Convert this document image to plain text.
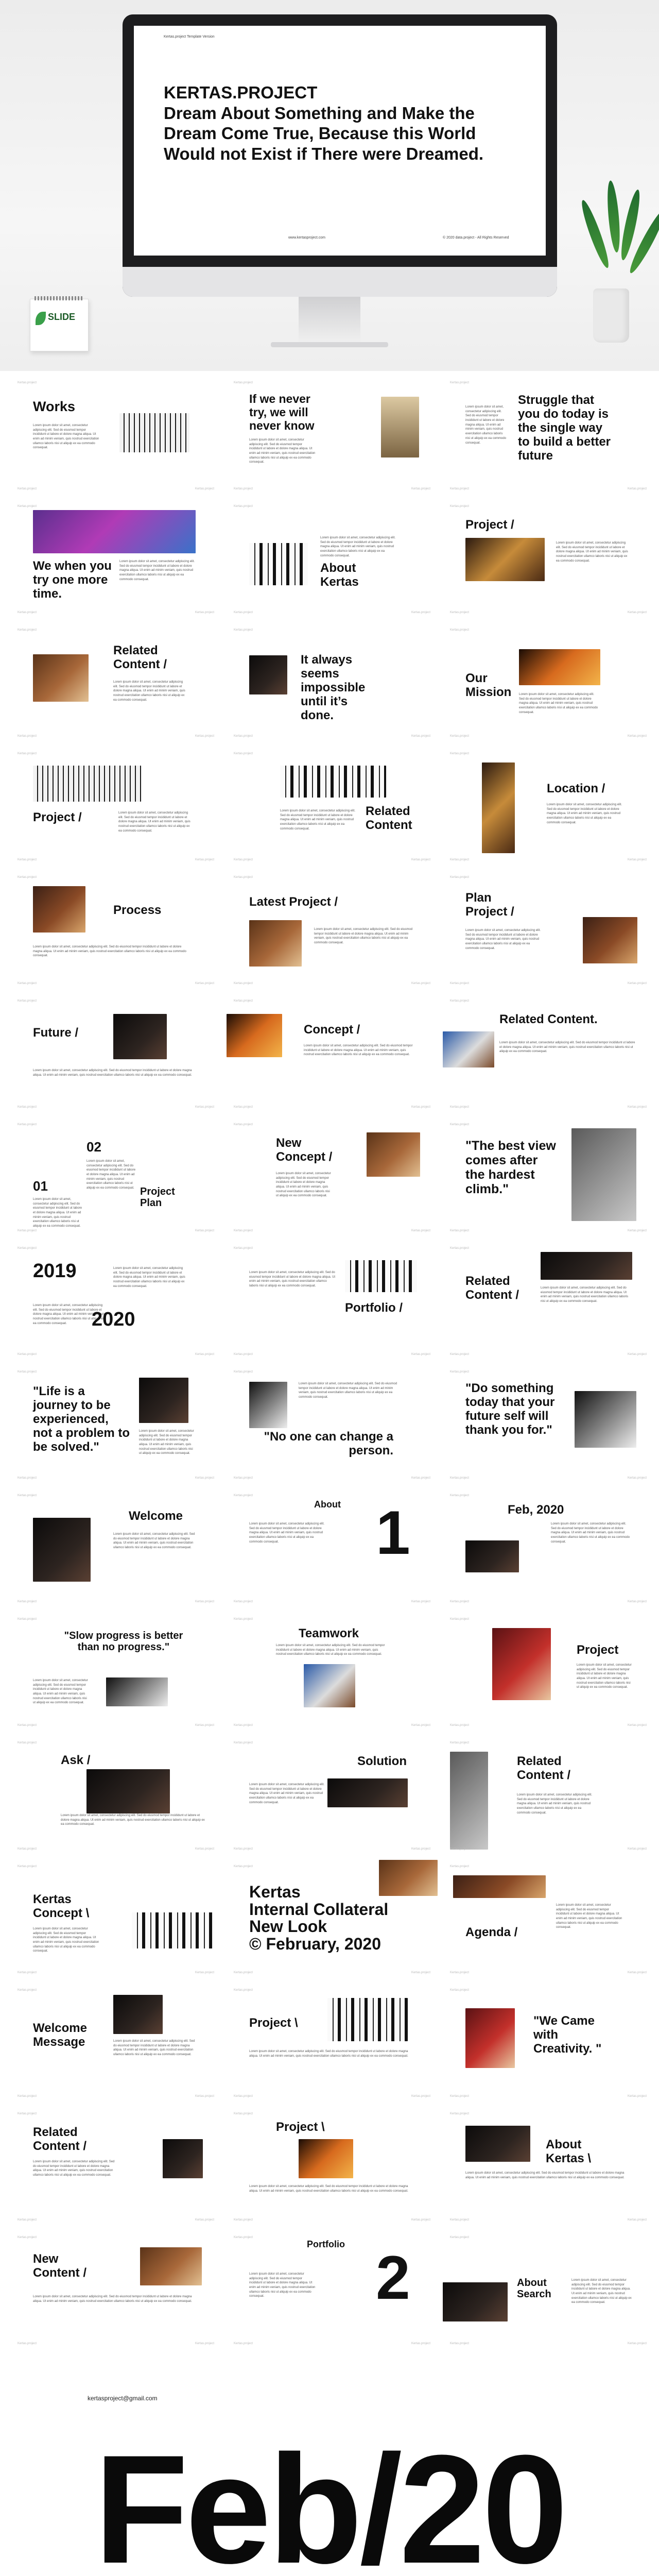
Kertas.project Template Version
KERTAS.PROJECT
Dream About Something and Make the Dream Come True, Because this World Would not Exist if There were Dreamed.
www.kertasproject.com	© 2020 data.project - All Rights Reserved
SLIDE
Works
Lorem ipsum dolor sit amet, consectetur adipiscing elit. Sed do eiusmod tempor incididunt ut labore et dolore magna aliqua. Ut enim ad minim veniam, quis nostrud exercitation ullamco laboris nisi ut aliquip ex ea commodo consequat.
Kertas.project
Kertas.project	Kertas.project
If we never try, we will never know
Lorem ipsum dolor sit amet, consectetur adipiscing elit. Sed do eiusmod tempor incididunt ut labore et dolore magna aliqua. Ut enim ad minim veniam, quis nostrud exercitation ullamco laboris nisi ut aliquip ex ea commodo consequat.
Kertas.project
Kertas.project	Kertas.project
Lorem ipsum dolor sit amet, consectetur adipiscing elit. Sed do eiusmod tempor incididunt ut labore et dolore magna aliqua. Ut enim ad minim veniam, quis nostrud exercitation ullamco laboris nisi ut aliquip ex ea commodo consequat.
Struggle that you do today is the single way to build a better future
Kertas.project
Kertas.project	Kertas.project
We when you try one more time.
Lorem ipsum dolor sit amet, consectetur adipiscing elit. Sed do eiusmod tempor incididunt ut labore et dolore magna aliqua. Ut enim ad minim veniam, quis nostrud exercitation ullamco laboris nisi ut aliquip ex ea commodo consequat.
Kertas.project
Kertas.project	Kertas.project
Lorem ipsum dolor sit amet, consectetur adipiscing elit. Sed do eiusmod tempor incididunt ut labore et dolore magna aliqua. Ut enim ad minim veniam, quis nostrud exercitation ullamco laboris nisi ut aliquip ex ea commodo consequat.
About Kertas
Kertas.project
Kertas.project	Kertas.project
Project /
Lorem ipsum dolor sit amet, consectetur adipiscing elit. Sed do eiusmod tempor incididunt ut labore et dolore magna aliqua. Ut enim ad minim veniam, quis nostrud exercitation ullamco laboris nisi ut aliquip ex ea commodo consequat.
Kertas.project
Kertas.project	Kertas.project
Related Content /
Lorem ipsum dolor sit amet, consectetur adipiscing elit. Sed do eiusmod tempor incididunt ut labore et dolore magna aliqua. Ut enim ad minim veniam, quis nostrud exercitation ullamco laboris nisi ut aliquip ex ea commodo consequat.
Kertas.project
Kertas.project	Kertas.project
It always seems impossible until it’s done.
Kertas.project
Kertas.project	Kertas.project
Our Mission	Lorem ipsum dolor sit amet, consectetur adipiscing elit. Sed do eiusmod tempor incididunt ut labore et dolore magna aliqua. Ut enim ad minim veniam, quis nostrud exercitation ullamco laboris nisi ut aliquip ex ea commodo consequat.
Kertas.project
Kertas.project	Kertas.project
Project /	Lorem ipsum dolor sit amet, consectetur adipiscing elit. Sed do eiusmod tempor incididunt ut labore et dolore magna aliqua. Ut enim ad minim veniam, quis nostrud exercitation ullamco laboris nisi ut aliquip ex ea commodo consequat.
Kertas.project
Kertas.project	Kertas.project
Lorem ipsum dolor sit amet, consectetur adipiscing elit. Sed do eiusmod tempor incididunt ut labore et dolore magna aliqua. Ut enim ad minim veniam, quis nostrud exercitation ullamco laboris nisi ut aliquip ex ea commodo consequat.
Related Content
Kertas.project
Kertas.project	Kertas.project
Location /
Lorem ipsum dolor sit amet, consectetur adipiscing elit. Sed do eiusmod tempor incididunt ut labore et dolore magna aliqua. Ut enim ad minim veniam, quis nostrud exercitation ullamco laboris nisi ut aliquip ex ea commodo consequat.
Kertas.project
Kertas.project	Kertas.project
Process
Lorem ipsum dolor sit amet, consectetur adipiscing elit. Sed do eiusmod tempor incididunt ut labore et dolore magna aliqua. Ut enim ad minim veniam, quis nostrud exercitation ullamco laboris nisi ut aliquip ex ea commodo consequat.
Kertas.project
Kertas.project	Kertas.project
Latest Project /
Lorem ipsum dolor sit amet, consectetur adipiscing elit. Sed do eiusmod tempor incididunt ut labore et dolore magna aliqua. Ut enim ad minim veniam, quis nostrud exercitation ullamco laboris nisi ut aliquip ex ea commodo consequat.
Kertas.project
Kertas.project	Kertas.project
Plan Project /
Lorem ipsum dolor sit amet, consectetur adipiscing elit. Sed do eiusmod tempor incididunt ut labore et dolore magna aliqua. Ut enim ad minim veniam, quis nostrud exercitation ullamco laboris nisi ut aliquip ex ea commodo consequat.
Kertas.project
Kertas.project	Kertas.project
Future /
Lorem ipsum dolor sit amet, consectetur adipiscing elit. Sed do eiusmod tempor incididunt ut labore et dolore magna aliqua. Ut enim ad minim veniam, quis nostrud exercitation ullamco laboris nisi ut aliquip ex ea commodo consequat.
Kertas.project
Kertas.project	Kertas.project
Concept /
Lorem ipsum dolor sit amet, consectetur adipiscing elit. Sed do eiusmod tempor incididunt ut labore et dolore magna aliqua. Ut enim ad minim veniam, quis nostrud exercitation ullamco laboris nisi ut aliquip ex ea commodo consequat.
Kertas.project
Kertas.project	Kertas.project
Related Content.
Lorem ipsum dolor sit amet, consectetur adipiscing elit. Sed do eiusmod tempor incididunt ut labore et dolore magna aliqua. Ut enim ad minim veniam, quis nostrud exercitation ullamco laboris nisi ut aliquip ex ea commodo consequat.
Kertas.project
Kertas.project	Kertas.project
02
Lorem ipsum dolor sit amet, consectetur adipiscing elit. Sed do eiusmod tempor incididunt ut labore et dolore magna aliqua. Ut enim ad minim veniam, quis nostrud exercitation ullamco laboris nisi ut aliquip ex ea commodo consequat.
01
Lorem ipsum dolor sit amet, consectetur adipiscing elit. Sed do eiusmod tempor incididunt ut labore et dolore magna aliqua. Ut enim ad minim veniam, quis nostrud exercitation ullamco laboris nisi ut aliquip ex ea commodo consequat.
Project Plan
Kertas.project
Kertas.project	Kertas.project
New Concept /
Lorem ipsum dolor sit amet, consectetur adipiscing elit. Sed do eiusmod tempor incididunt ut labore et dolore magna aliqua. Ut enim ad minim veniam, quis nostrud exercitation ullamco laboris nisi ut aliquip ex ea commodo consequat.
Kertas.project
Kertas.project	Kertas.project
"The best view comes after the hardest climb."
Kertas.project
Kertas.project	Kertas.project
2019	Lorem ipsum dolor sit amet, consectetur adipiscing elit. Sed do eiusmod tempor incididunt ut labore et dolore magna aliqua. Ut enim ad minim veniam, quis nostrud exercitation ullamco laboris nisi ut aliquip ex ea commodo consequat.
Lorem ipsum dolor sit amet, consectetur adipiscing elit. Sed do eiusmod tempor incididunt ut labore et dolore magna aliqua. Ut enim ad minim veniam, quis nostrud exercitation ullamco laboris nisi ut aliquip ex ea commodo consequat.	2020
Kertas.project
Kertas.project	Kertas.project
Lorem ipsum dolor sit amet, consectetur adipiscing elit. Sed do eiusmod tempor incididunt ut labore et dolore magna aliqua. Ut enim ad minim veniam, quis nostrud exercitation ullamco laboris nisi ut aliquip ex ea commodo consequat.
Portfolio /
Kertas.project
Kertas.project	Kertas.project
Related Content /	Lorem ipsum dolor sit amet, consectetur adipiscing elit. Sed do eiusmod tempor incididunt ut labore et dolore magna aliqua. Ut enim ad minim veniam, quis nostrud exercitation ullamco laboris nisi ut aliquip ex ea commodo consequat.
Kertas.project
Kertas.project	Kertas.project
"Life is a journey to be experienced, not a problem to be solved."
Lorem ipsum dolor sit amet, consectetur adipiscing elit. Sed do eiusmod tempor incididunt ut labore et dolore magna aliqua. Ut enim ad minim veniam, quis nostrud exercitation ullamco laboris nisi ut aliquip ex ea commodo consequat.
Kertas.project
Kertas.project	Kertas.project
Lorem ipsum dolor sit amet, consectetur adipiscing elit. Sed do eiusmod tempor incididunt ut labore et dolore magna aliqua. Ut enim ad minim veniam, quis nostrud exercitation ullamco laboris nisi ut aliquip ex ea commodo consequat.
"No one can change a person.
Kertas.project
Kertas.project	Kertas.project
"Do something today that your future self will thank you for."
Kertas.project
Kertas.project	Kertas.project
Welcome
Lorem ipsum dolor sit amet, consectetur adipiscing elit. Sed do eiusmod tempor incididunt ut labore et dolore magna aliqua. Ut enim ad minim veniam, quis nostrud exercitation ullamco laboris nisi ut aliquip ex ea commodo consequat.
Kertas.project
Kertas.project	Kertas.project
About
Lorem ipsum dolor sit amet, consectetur adipiscing elit. Sed do eiusmod tempor incididunt ut labore et dolore magna aliqua. Ut enim ad minim veniam, quis nostrud exercitation ullamco laboris nisi ut aliquip ex ea commodo consequat.	1
Kertas.project
Kertas.project	Kertas.project
Feb, 2020
Lorem ipsum dolor sit amet, consectetur adipiscing elit. Sed do eiusmod tempor incididunt ut labore et dolore magna aliqua. Ut enim ad minim veniam, quis nostrud exercitation ullamco laboris nisi ut aliquip ex ea commodo consequat.
Kertas.project
Kertas.project	Kertas.project
"Slow progress is better than no progress."
Lorem ipsum dolor sit amet, consectetur adipiscing elit. Sed do eiusmod tempor incididunt ut labore et dolore magna aliqua. Ut enim ad minim veniam, quis nostrud exercitation ullamco laboris nisi ut aliquip ex ea commodo consequat.
Kertas.project
Kertas.project	Kertas.project
Teamwork
Lorem ipsum dolor sit amet, consectetur adipiscing elit. Sed do eiusmod tempor incididunt ut labore et dolore magna aliqua. Ut enim ad minim veniam, quis nostrud exercitation ullamco laboris nisi ut aliquip ex ea commodo consequat.
Kertas.project
Kertas.project	Kertas.project
Project
Lorem ipsum dolor sit amet, consectetur adipiscing elit. Sed do eiusmod tempor incididunt ut labore et dolore magna aliqua. Ut enim ad minim veniam, quis nostrud exercitation ullamco laboris nisi ut aliquip ex ea commodo consequat.
Kertas.project
Kertas.project	Kertas.project
Ask /
Lorem ipsum dolor sit amet, consectetur adipiscing elit. Sed do eiusmod tempor incididunt ut labore et dolore magna aliqua. Ut enim ad minim veniam, quis nostrud exercitation ullamco laboris nisi ut aliquip ex ea commodo consequat.
Kertas.project
Kertas.project	Kertas.project
Solution
Lorem ipsum dolor sit amet, consectetur adipiscing elit. Sed do eiusmod tempor incididunt ut labore et dolore magna aliqua. Ut enim ad minim veniam, quis nostrud exercitation ullamco laboris nisi ut aliquip ex ea commodo consequat.
Kertas.project
Kertas.project	Kertas.project
Related Content /
Lorem ipsum dolor sit amet, consectetur adipiscing elit. Sed do eiusmod tempor incididunt ut labore et dolore magna aliqua. Ut enim ad minim veniam, quis nostrud exercitation ullamco laboris nisi ut aliquip ex ea commodo consequat.
Kertas.project
Kertas.project	Kertas.project
Kertas Concept \
Lorem ipsum dolor sit amet, consectetur adipiscing elit. Sed do eiusmod tempor incididunt ut labore et dolore magna aliqua. Ut enim ad minim veniam, quis nostrud exercitation ullamco laboris nisi ut aliquip ex ea commodo consequat.
Kertas.project
Kertas.project	Kertas.project
Kertas
Internal Collateral
New Look
© February, 2020
Kertas.project
Kertas.project	Kertas.project
Agenda /
Lorem ipsum dolor sit amet, consectetur adipiscing elit. Sed do eiusmod tempor incididunt ut labore et dolore magna aliqua. Ut enim ad minim veniam, quis nostrud exercitation ullamco laboris nisi ut aliquip ex ea commodo consequat.
Kertas.project
Kertas.project	Kertas.project
Welcome Message	Lorem ipsum dolor sit amet, consectetur adipiscing elit. Sed do eiusmod tempor incididunt ut labore et dolore magna aliqua. Ut enim ad minim veniam, quis nostrud exercitation ullamco laboris nisi ut aliquip ex ea commodo consequat.
Kertas.project
Kertas.project	Kertas.project
Project \
Lorem ipsum dolor sit amet, consectetur adipiscing elit. Sed do eiusmod tempor incididunt ut labore et dolore magna aliqua. Ut enim ad minim veniam, quis nostrud exercitation ullamco laboris nisi ut aliquip ex ea commodo consequat.
Kertas.project
Kertas.project	Kertas.project
"We Came with Creativity. "
Kertas.project
Kertas.project	Kertas.project
Related Content /
Lorem ipsum dolor sit amet, consectetur adipiscing elit. Sed do eiusmod tempor incididunt ut labore et dolore magna aliqua. Ut enim ad minim veniam, quis nostrud exercitation ullamco laboris nisi ut aliquip ex ea commodo consequat.
Kertas.project
Kertas.project	Kertas.project
Project \
Lorem ipsum dolor sit amet, consectetur adipiscing elit. Sed do eiusmod tempor incididunt ut labore et dolore magna aliqua. Ut enim ad minim veniam, quis nostrud exercitation ullamco laboris nisi ut aliquip ex ea commodo consequat.
Kertas.project
Kertas.project	Kertas.project
About Kertas \
Lorem ipsum dolor sit amet, consectetur adipiscing elit. Sed do eiusmod tempor incididunt ut labore et dolore magna aliqua. Ut enim ad minim veniam, quis nostrud exercitation ullamco laboris nisi ut aliquip ex ea commodo consequat.
Kertas.project
Kertas.project	Kertas.project
New Content /
Lorem ipsum dolor sit amet, consectetur adipiscing elit. Sed do eiusmod tempor incididunt ut labore et dolore magna aliqua. Ut enim ad minim veniam, quis nostrud exercitation ullamco laboris nisi ut aliquip ex ea commodo consequat.
Kertas.project
Kertas.project	Kertas.project
Portfolio
Lorem ipsum dolor sit amet, consectetur adipiscing elit. Sed do eiusmod tempor incididunt ut labore et dolore magna aliqua. Ut enim ad minim veniam, quis nostrud exercitation ullamco laboris nisi ut aliquip ex ea commodo consequat.	2
Kertas.project
Kertas.project	Kertas.project
About Search
Lorem ipsum dolor sit amet, consectetur adipiscing elit. Sed do eiusmod tempor incididunt ut labore et dolore magna aliqua. Ut enim ad minim veniam, quis nostrud exercitation ullamco laboris nisi ut aliquip ex ea commodo consequat.
Kertas.project
Kertas.project	Kertas.project
kertasproject@gmail.com
Feb/20
